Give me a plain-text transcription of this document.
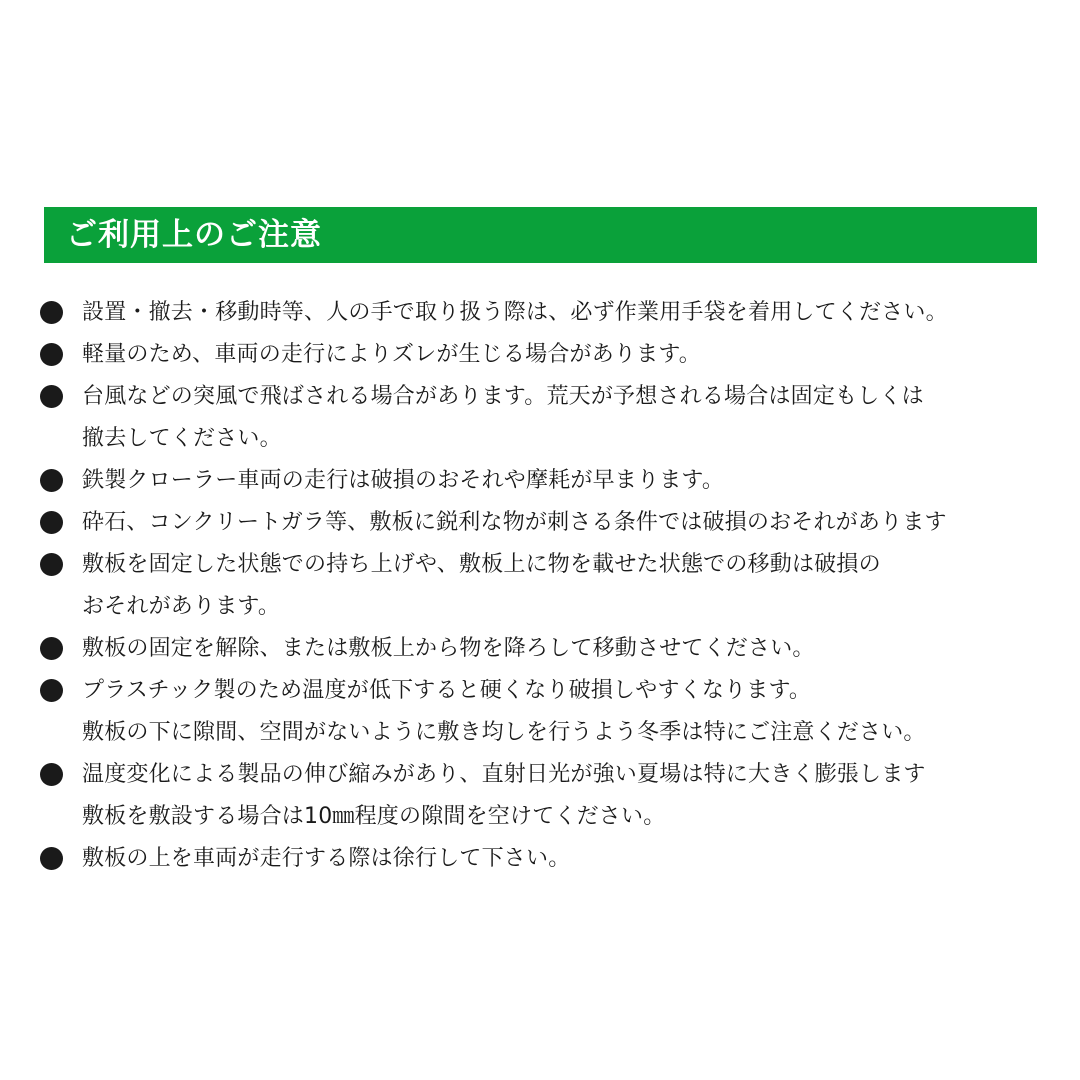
ご利用上のご注意
設置・撤去・移動時等、人の手で取り扱う際は、必ず作業用手袋を着用してください。
軽量のため、車両の走行によりズレが生じる場合があります。
台風などの突風で飛ばされる場合があります。荒天が予想される場合は固定もしくは
撤去してください。
鉄製クローラー車両の走行は破損のおそれや摩耗が早まります。
砕石、コンクリートガラ等、敷板に鋭利な物が刺さる条件では破損のおそれがあります
敷板を固定した状態での持ち上げや、敷板上に物を載せた状態での移動は破損の
おそれがあります。
敷板の固定を解除、または敷板上から物を降ろして移動させてください。
プラスチック製のため温度が低下すると硬くなり破損しやすくなります。
敷板の下に隙間、空間がないように敷き均しを行うよう冬季は特にご注意ください。
温度変化による製品の伸び縮みがあり、直射日光が強い夏場は特に大きく膨張します
敷板を敷設する場合は10㎜程度の隙間を空けてください。
敷板の上を車両が走行する際は徐行して下さい。
